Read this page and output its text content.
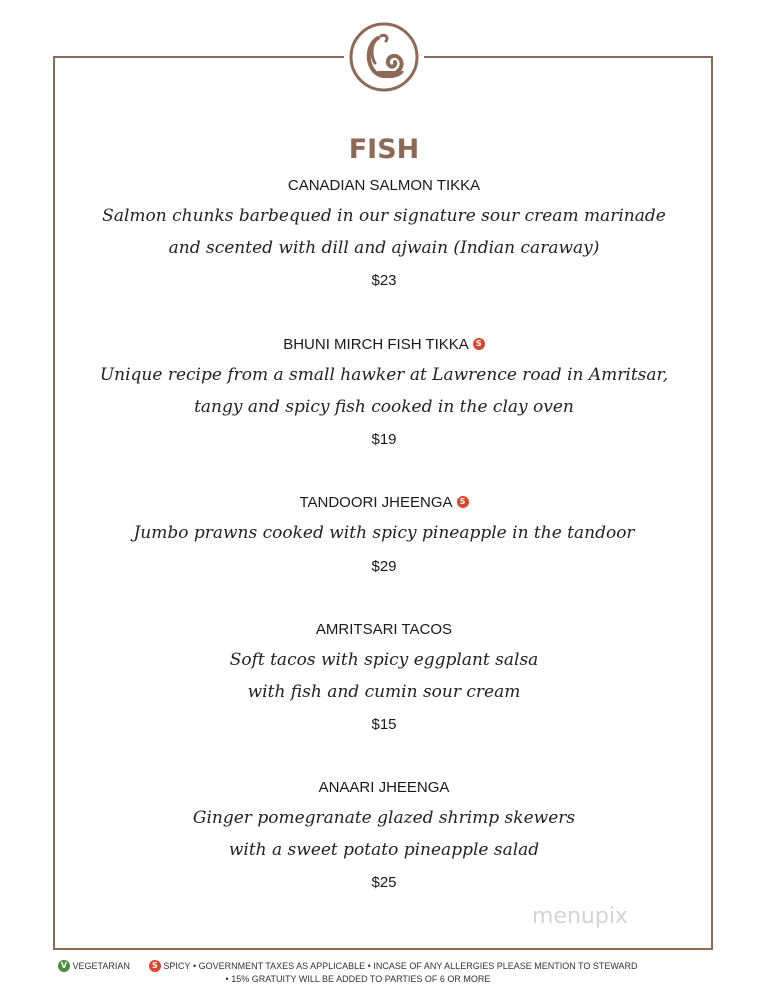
FISH
CANADIAN SALMON TIKKA
Salmon chunks barbequed in our signature sour cream marinade
and scented with dill and ajwain (Indian caraway)
$23
BHUNI MIRCH FISH TIKKA S
Unique recipe from a small hawker at Lawrence road in Amritsar,
tangy and spicy fish cooked in the clay oven
$19
TANDOORI JHEENGA S
Jumbo prawns cooked with spicy pineapple in the tandoor
$29
AMRITSARI TACOS
Soft tacos with spicy eggplant salsa
with fish and cumin sour cream
$15
ANAARI JHEENGA
Ginger pomegranate glazed shrimp skewers
with a sweet potato pineapple salad
$25
menupix
V VEGETARIAN	S SPICY • GOVERNMENT TAXES AS APPLICABLE • INCASE OF ANY ALLERGIES PLEASE MENTION TO STEWARD
• 15% GRATUITY WILL BE ADDED TO PARTIES OF 6 OR MORE
